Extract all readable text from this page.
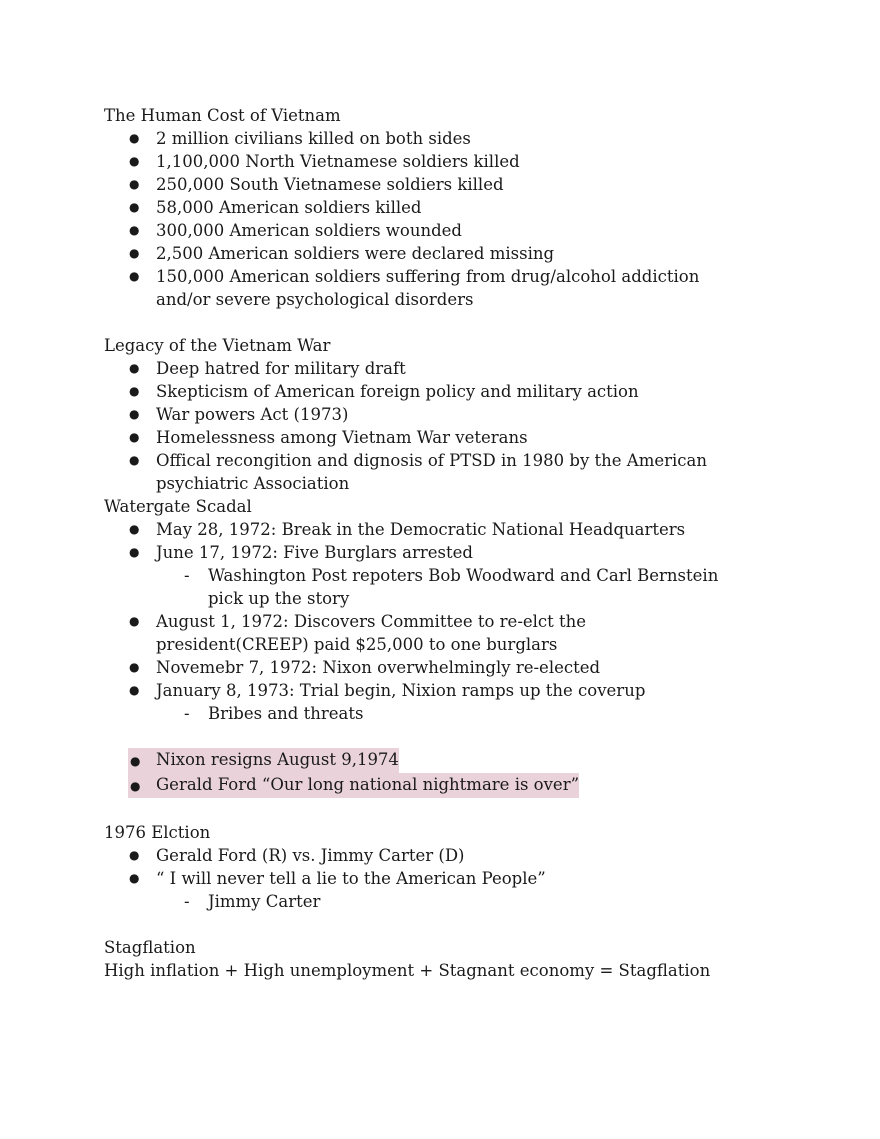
The Human Cost of Vietnam
● 2 million civilians killed on both sides
● 1,100,000 North Vietnamese soldiers killed
● 250,000 South Vietnamese soldiers killed
● 58,000 American soldiers killed
● 300,000 American soldiers wounded
● 2,500 American soldiers were declared missing
● 150,000 American soldiers suffering from drug/alcohol addiction and/or severe psychological disorders
Legacy of the Vietnam War
● Deep hatred for military draft
● Skepticism of American foreign policy and military action
● War powers Act (1973)
● Homelessness among Vietnam War veterans
● Offical recongition and dignosis of PTSD in 1980 by the American psychiatric Association
Watergate Scadal
● May 28, 1972: Break in the Democratic National Headquarters
● June 17, 1972: Five Burglars arrested
- Washington Post repoters Bob Woodward and Carl Bernstein pick up the story
● August 1, 1972: Discovers Committee to re-elct the president(CREEP) paid $25,000 to one burglars
● Novemebr 7, 1972: Nixon overwhelmingly re-elected
● January 8, 1973: Trial begin, Nixion ramps up the coverup
- Bribes and threats
● Nixon resigns August 9,1974
● Gerald Ford “Our long national nightmare is over”
1976 Elction
● Gerald Ford (R) vs. Jimmy Carter (D)
● “ I will never tell a lie to the American People”
- Jimmy Carter
Stagflation
High inflation + High unemployment + Stagnant economy = Stagflation
